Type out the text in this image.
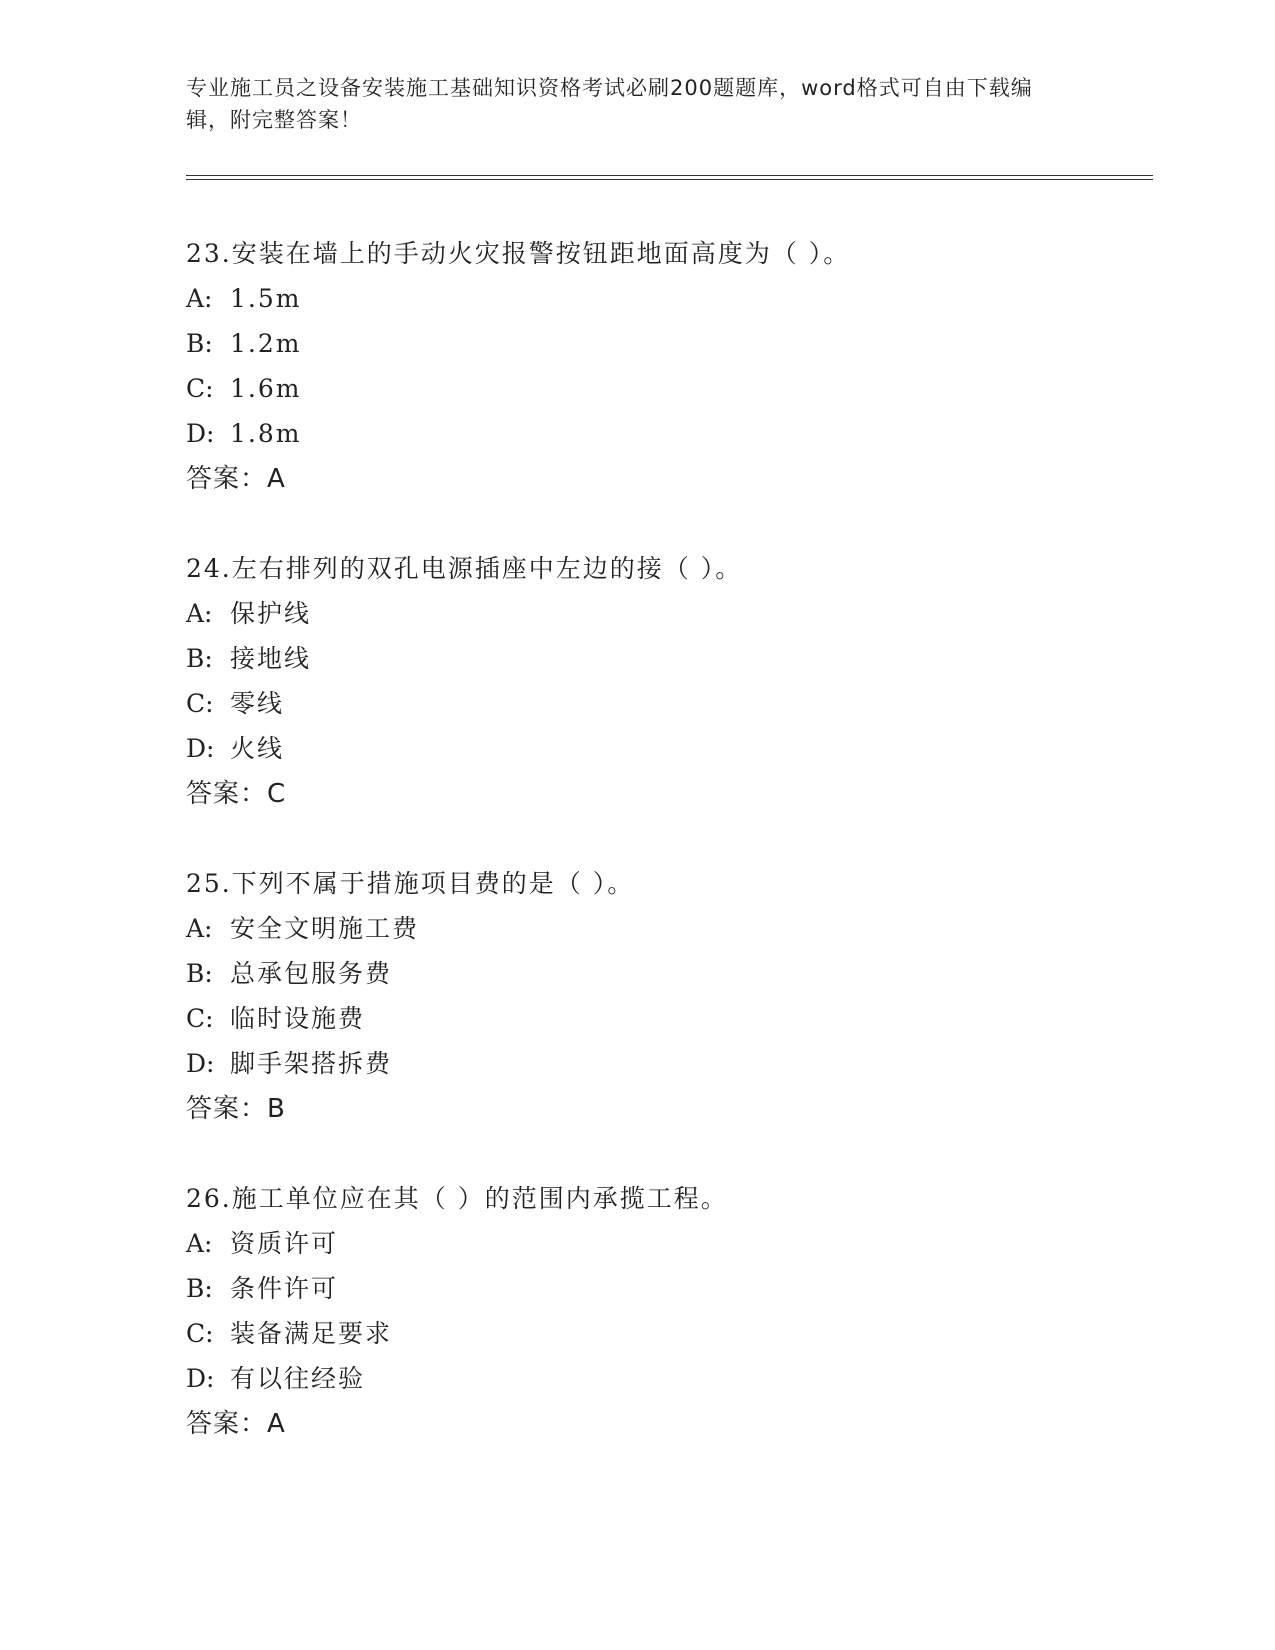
专业施工员之设备安装施工基础知识资格考试必刷200题题库，word格式可自由下载编辑，附完整答案！
23.安装在墙上的手动火灾报警按钮距地面高度为（ ）。
A: 1.5m
B: 1.2m
C: 1.6m
D: 1.8m
答案：A
24.左右排列的双孔电源插座中左边的接（ ）。
A: 保护线
B: 接地线
C: 零线
D: 火线
答案：C
25.下列不属于措施项目费的是（ ）。
A: 安全文明施工费
B: 总承包服务费
C: 临时设施费
D: 脚手架搭拆费
答案：B
26.施工单位应在其（ ）的范围内承揽工程。
A: 资质许可
B: 条件许可
C: 装备满足要求
D: 有以往经验
答案：A
